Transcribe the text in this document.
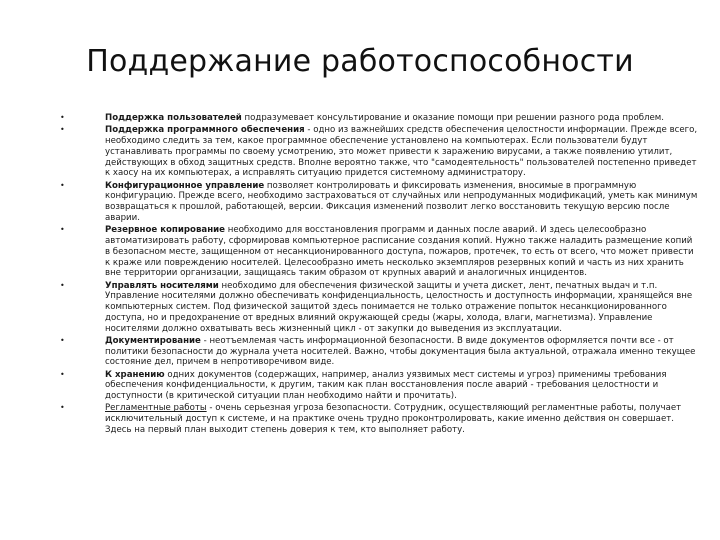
Поддержание работоспособности
•	Поддержка пользователей подразумевает консультирование и оказание помощи при решении разного рода проблем.
•	Поддержка программного обеспечения - одно из важнейших средств обеспечения целостности информации. Прежде всего, необходимо следить за тем, какое программное обеспечение установлено на компьютерах. Если пользователи будут устанавливать программы по своему усмотрению, это может привести к заражению вирусами, а также появлению утилит, действующих в обход защитных средств. Вполне вероятно также, что "самодеятельность" пользователей постепенно приведет к хаосу на их компьютерах, а исправлять ситуацию придется системному администратору.
•	Конфигурационное управление позволяет контролировать и фиксировать изменения, вносимые в программную конфигурацию. Прежде всего, необходимо застраховаться от случайных или непродуманных модификаций, уметь как минимум возвращаться к прошлой, работающей, версии. Фиксация изменений позволит легко восстановить текущую версию после аварии.
•	Резервное копирование необходимо для восстановления программ и данных после аварий. И здесь целесообразно автоматизировать работу, сформировав компьютерное расписание создания копий. Нужно также наладить размещение копий в безопасном месте, защищенном от несанкционированного доступа, пожаров, протечек, то есть от всего, что может привести к краже или повреждению носителей. Целесообразно иметь несколько экземпляров резервных копий и часть из них хранить вне территории организации, защищаясь таким образом от крупных аварий и аналогичных инцидентов.
•	Управлять носителями необходимо для обеспечения физической защиты и учета дискет, лент, печатных выдач и т.п. Управление носителями должно обеспечивать конфиденциальность, целостность и доступность информации, хранящейся вне компьютерных систем. Под физической защитой здесь понимается не только отражение попыток несанкционированного доступа, но и предохранение от вредных влияний окружающей среды (жары, холода, влаги, магнетизма). Управление носителями должно охватывать весь жизненный цикл - от закупки до выведения из эксплуатации.
•	Документирование - неотъемлемая часть информационной безопасности. В виде документов оформляется почти все - от политики безопасности до журнала учета носителей. Важно, чтобы документация была актуальной, отражала именно текущее состояние дел, причем в непротиворечивом виде.
•	К хранению одних документов (содержащих, например, анализ уязвимых мест системы и угроз) применимы требования обеспечения конфиденциальности, к другим, таким как план восстановления после аварий - требования целостности и доступности (в критической ситуации план необходимо найти и прочитать).
•	Регламентные работы - очень серьезная угроза безопасности. Сотрудник, осуществляющий регламентные работы, получает исключительный доступ к системе, и на практике очень трудно проконтролировать, какие именно действия он совершает. Здесь на первый план выходит степень доверия к тем, кто выполняет работу.
